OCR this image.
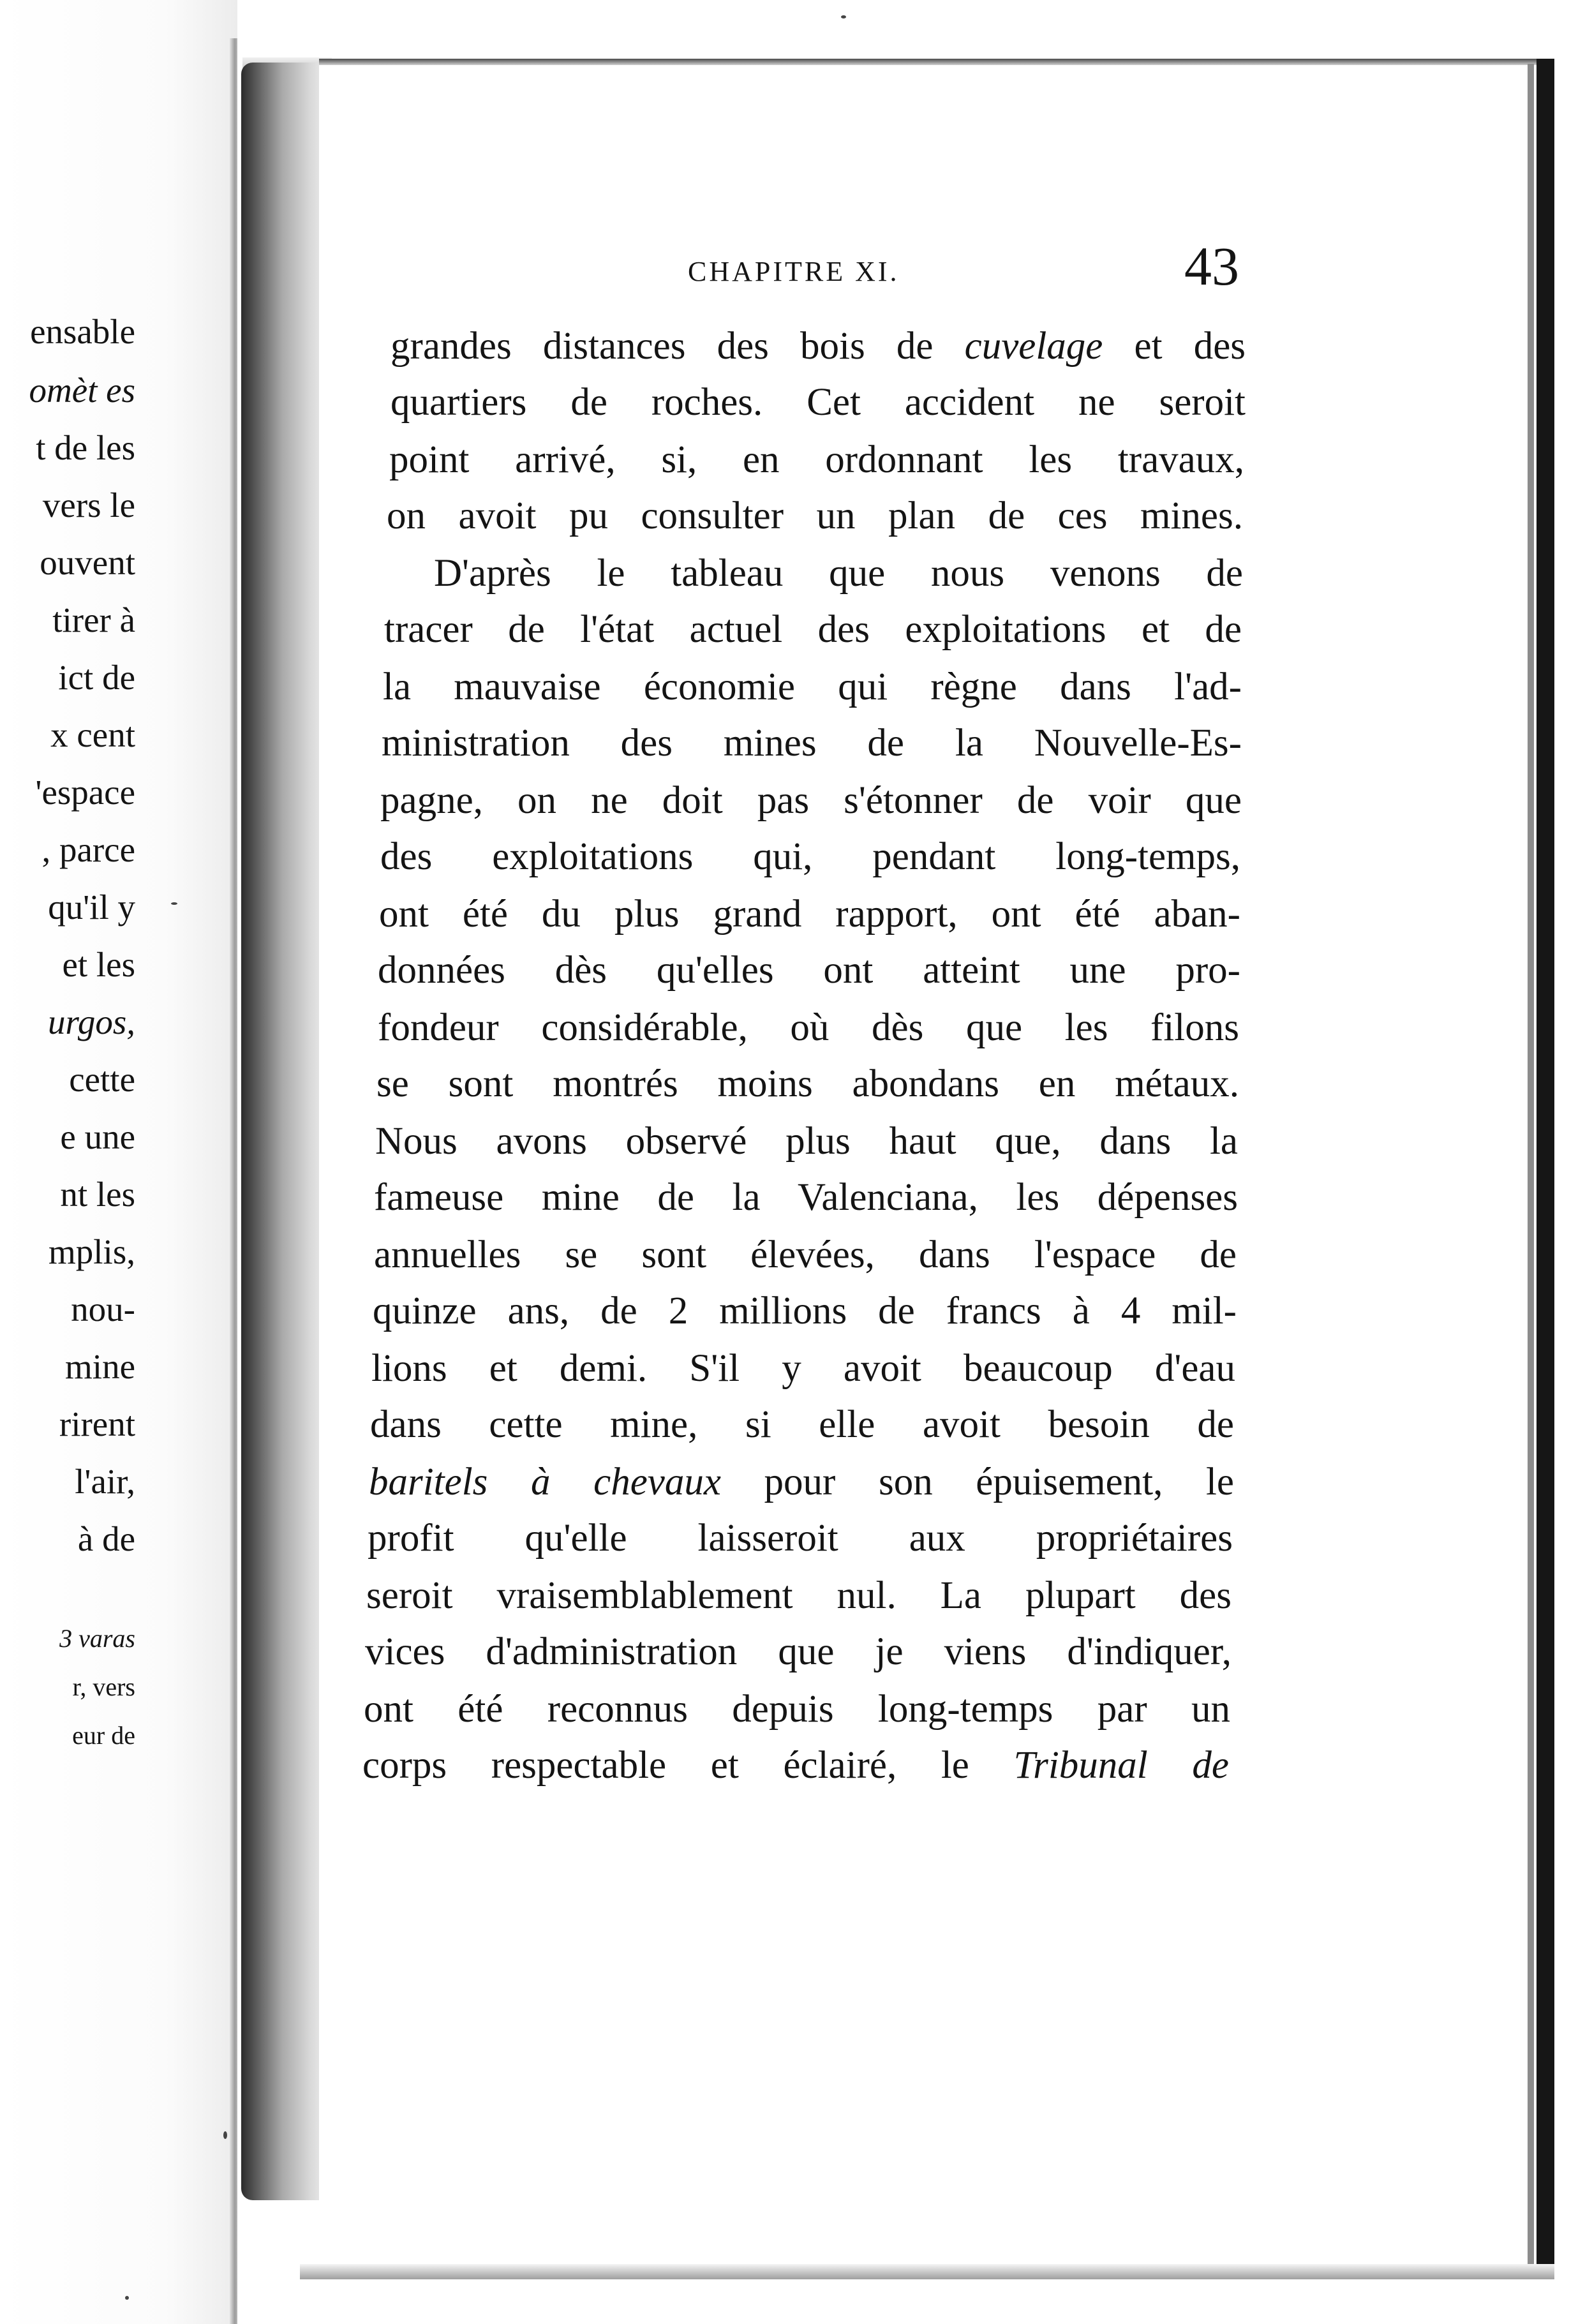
ensable
omèt es
t de les
vers le
ouvent
tirer à
ict de
x cent
'espace
, parce
qu'il y
et les
urgos,
cette
e une
nt les
mplis,
nou-
mine
rirent
l'air,
à de
3 varas
r, vers
eur de
CHAPITRE XI.	43
grandes distances des bois de cuvelage et des
quartiers de roches. Cet accident ne seroit
point arrivé, si, en ordonnant les travaux,
on avoit pu consulter un plan de ces mines.
D'après le tableau que nous venons de
tracer de l'état actuel des exploitations et de
la mauvaise économie qui règne dans l'ad-
ministration des mines de la Nouvelle-Es-
pagne, on ne doit pas s'étonner de voir que
des exploitations qui, pendant long-temps,
ont été du plus grand rapport, ont été aban-
données dès qu'elles ont atteint une pro-
fondeur considérable, où dès que les filons
se sont montrés moins abondans en métaux.
Nous avons observé plus haut que, dans la
fameuse mine de la Valenciana, les dépenses
annuelles se sont élevées, dans l'espace de
quinze ans, de 2 millions de francs à 4 mil-
lions et demi. S'il y avoit beaucoup d'eau
dans cette mine, si elle avoit besoin de
baritels à chevaux pour son épuisement, le
profit qu'elle laisseroit aux propriétaires
seroit vraisemblablement nul. La plupart des
vices d'administration que je viens d'indiquer,
ont été reconnus depuis long-temps par un
corps respectable et éclairé, le Tribunal de
